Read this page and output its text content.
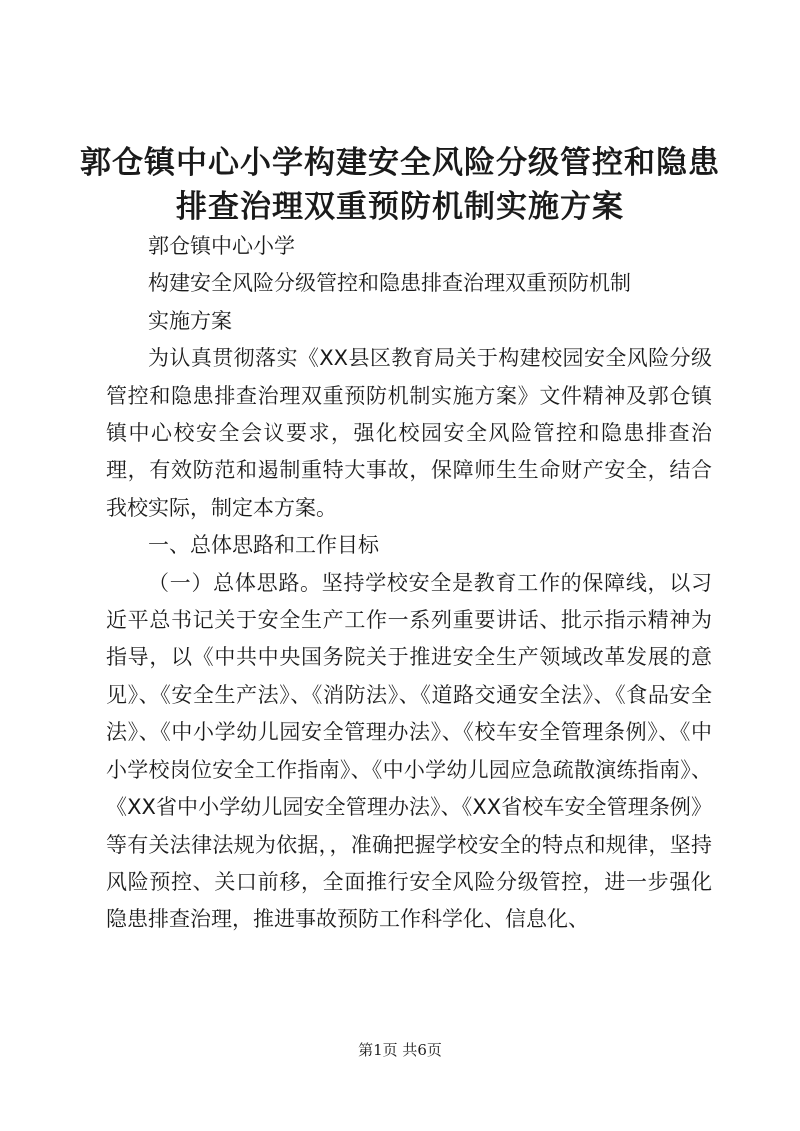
郭仓镇中心小学构建安全风险分级管控和隐患
排查治理双重预防机制实施方案

郭仓镇中心小学

构建安全风险分级管控和隐患排查治理双重预防机制

实施方案

为认真贯彻落实《XX县区教育局关于构建校园安全风险分级管控和隐患排查治理双重预防机制实施方案》文件精神及郭仓镇镇中心校安全会议要求，强化校园安全风险管控和隐患排查治理，有效防范和遏制重特大事故，保障师生生命财产安全，结合我校实际，制定本方案。

一、总体思路和工作目标

（一）总体思路。坚持学校安全是教育工作的保障线，以习近平总书记关于安全生产工作一系列重要讲话、批示指示精神为指导，以《中共中央国务院关于推进安全生产领域改革发展的意见》、《安全生产法》、《消防法》、《道路交通安全法》、《食品安全法》、《中小学幼儿园安全管理办法》、《校车安全管理条例》、《中小学校岗位安全工作指南》、《中小学幼儿园应急疏散演练指南》、《XX省中小学幼儿园安全管理办法》、《XX省校车安全管理条例》等有关法律法规为依据，，准确把握学校安全的特点和规律，坚持风险预控、关口前移，全面推行安全风险分级管控，进一步强化隐患排查治理，推进事故预防工作科学化、信息化、

第1页 共6页
